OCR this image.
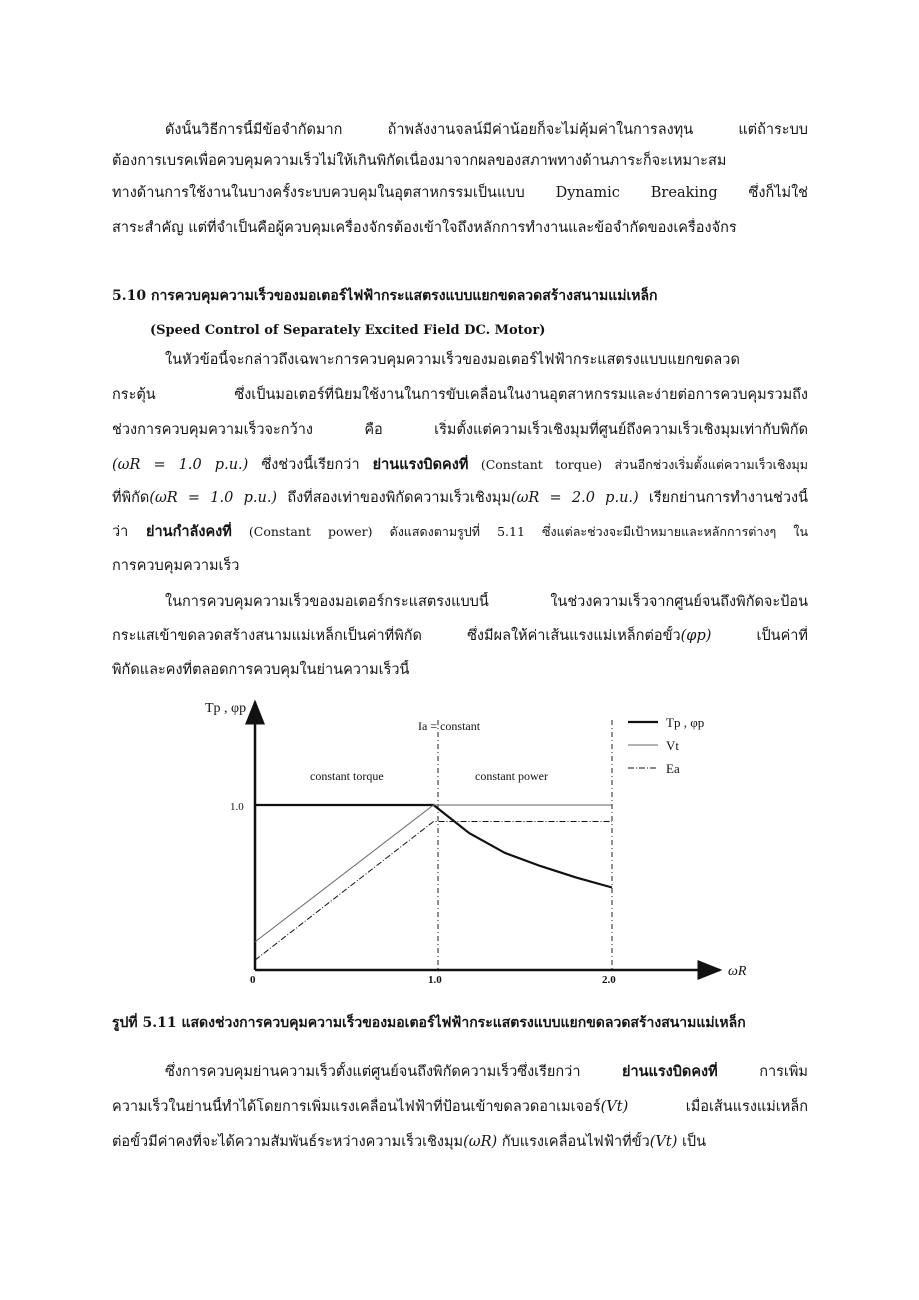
ดังนั้นวิธีการนี้มีข้อจำกัดมาก ถ้าพลังงานจลน์มีค่าน้อยก็จะไม่คุ้มค่าในการลงทุน แต่ถ้าระบบ
ต้องการเบรคเพื่อควบคุมความเร็วไม่ให้เกินพิกัดเนื่องมาจากผลของสภาพทางด้านภาระก็จะเหมาะสม
ทางด้านการใช้งานในบางครั้งระบบควบคุมในอุตสาหกรรมเป็นแบบ Dynamic Breaking ซึ่งก็ไม่ใช่
สาระสำคัญ แต่ที่จำเป็นคือผู้ควบคุมเครื่องจักรต้องเข้าใจถึงหลักการทำงานและข้อจำกัดของเครื่องจักร
5.10 การควบคุมความเร็วของมอเตอร์ไฟฟ้ากระแสตรงแบบแยกขดลวดสร้างสนามแม่เหล็ก
(Speed Control of Separately Excited Field DC. Motor)
ในหัวข้อนี้จะกล่าวถึงเฉพาะการควบคุมความเร็วของมอเตอร์ไฟฟ้ากระแสตรงแบบแยกขดลวด
กระตุ้น ซึ่งเป็นมอเตอร์ที่นิยมใช้งานในการขับเคลื่อนในงานอุตสาหกรรมและง่ายต่อการควบคุมรวมถึง
ช่วงการควบคุมความเร็วจะกว้าง คือ เริ่มตั้งแต่ความเร็วเชิงมุมที่ศูนย์ถึงความเร็วเชิงมุมเท่ากับพิกัด
(ωR = 1.0 p.u.) ซึ่งช่วงนี้เรียกว่า ย่านแรงบิดคงที่ (Constant torque) ส่วนอีกช่วงเริ่มตั้งแต่ความเร็วเชิงมุม
ที่พิกัด(ωR = 1.0 p.u.) ถึงที่สองเท่าของพิกัดความเร็วเชิงมุม(ωR = 2.0 p.u.) เรียกย่านการทำงานช่วงนี้
ว่า ย่านกำลังคงที่ (Constant power) ดังแสดงตามรูปที่ 5.11 ซึ่งแต่ละช่วงจะมีเป้าหมายและหลักการต่างๆ ใน
การควบคุมความเร็ว
ในการควบคุมความเร็วของมอเตอร์กระแสตรงแบบนี้ ในช่วงความเร็วจากศูนย์จนถึงพิกัดจะป้อน
กระแสเข้าขดลวดสร้างสนามแม่เหล็กเป็นค่าที่พิกัด ซึ่งมีผลให้ค่าเส้นแรงแม่เหล็กต่อขั้ว(φp) เป็นค่าที่
พิกัดและคงที่ตลอดการควบคุมในย่านความเร็วนี้
Tp , φp
ωR
1.0
0	1.0	2.0
Ia = constant
constant torque	constant power
Tp , φp
Vt
Ea
รูปที่ 5.11 แสดงช่วงการควบคุมความเร็วของมอเตอร์ไฟฟ้ากระแสตรงแบบแยกขดลวดสร้างสนามแม่เหล็ก
ซึ่งการควบคุมย่านความเร็วตั้งแต่ศูนย์จนถึงพิกัดความเร็วซึ่งเรียกว่า ย่านแรงบิดคงที่ การเพิ่ม
ความเร็วในย่านนี้ทำได้โดยการเพิ่มแรงเคลื่อนไฟฟ้าที่ป้อนเข้าขดลวดอาเมเจอร์(Vt) เมื่อเส้นแรงแม่เหล็ก
ต่อขั้วมีค่าคงที่จะได้ความสัมพันธ์ระหว่างความเร็วเชิงมุม(ωR) กับแรงเคลื่อนไฟฟ้าที่ขั้ว(Vt) เป็น
